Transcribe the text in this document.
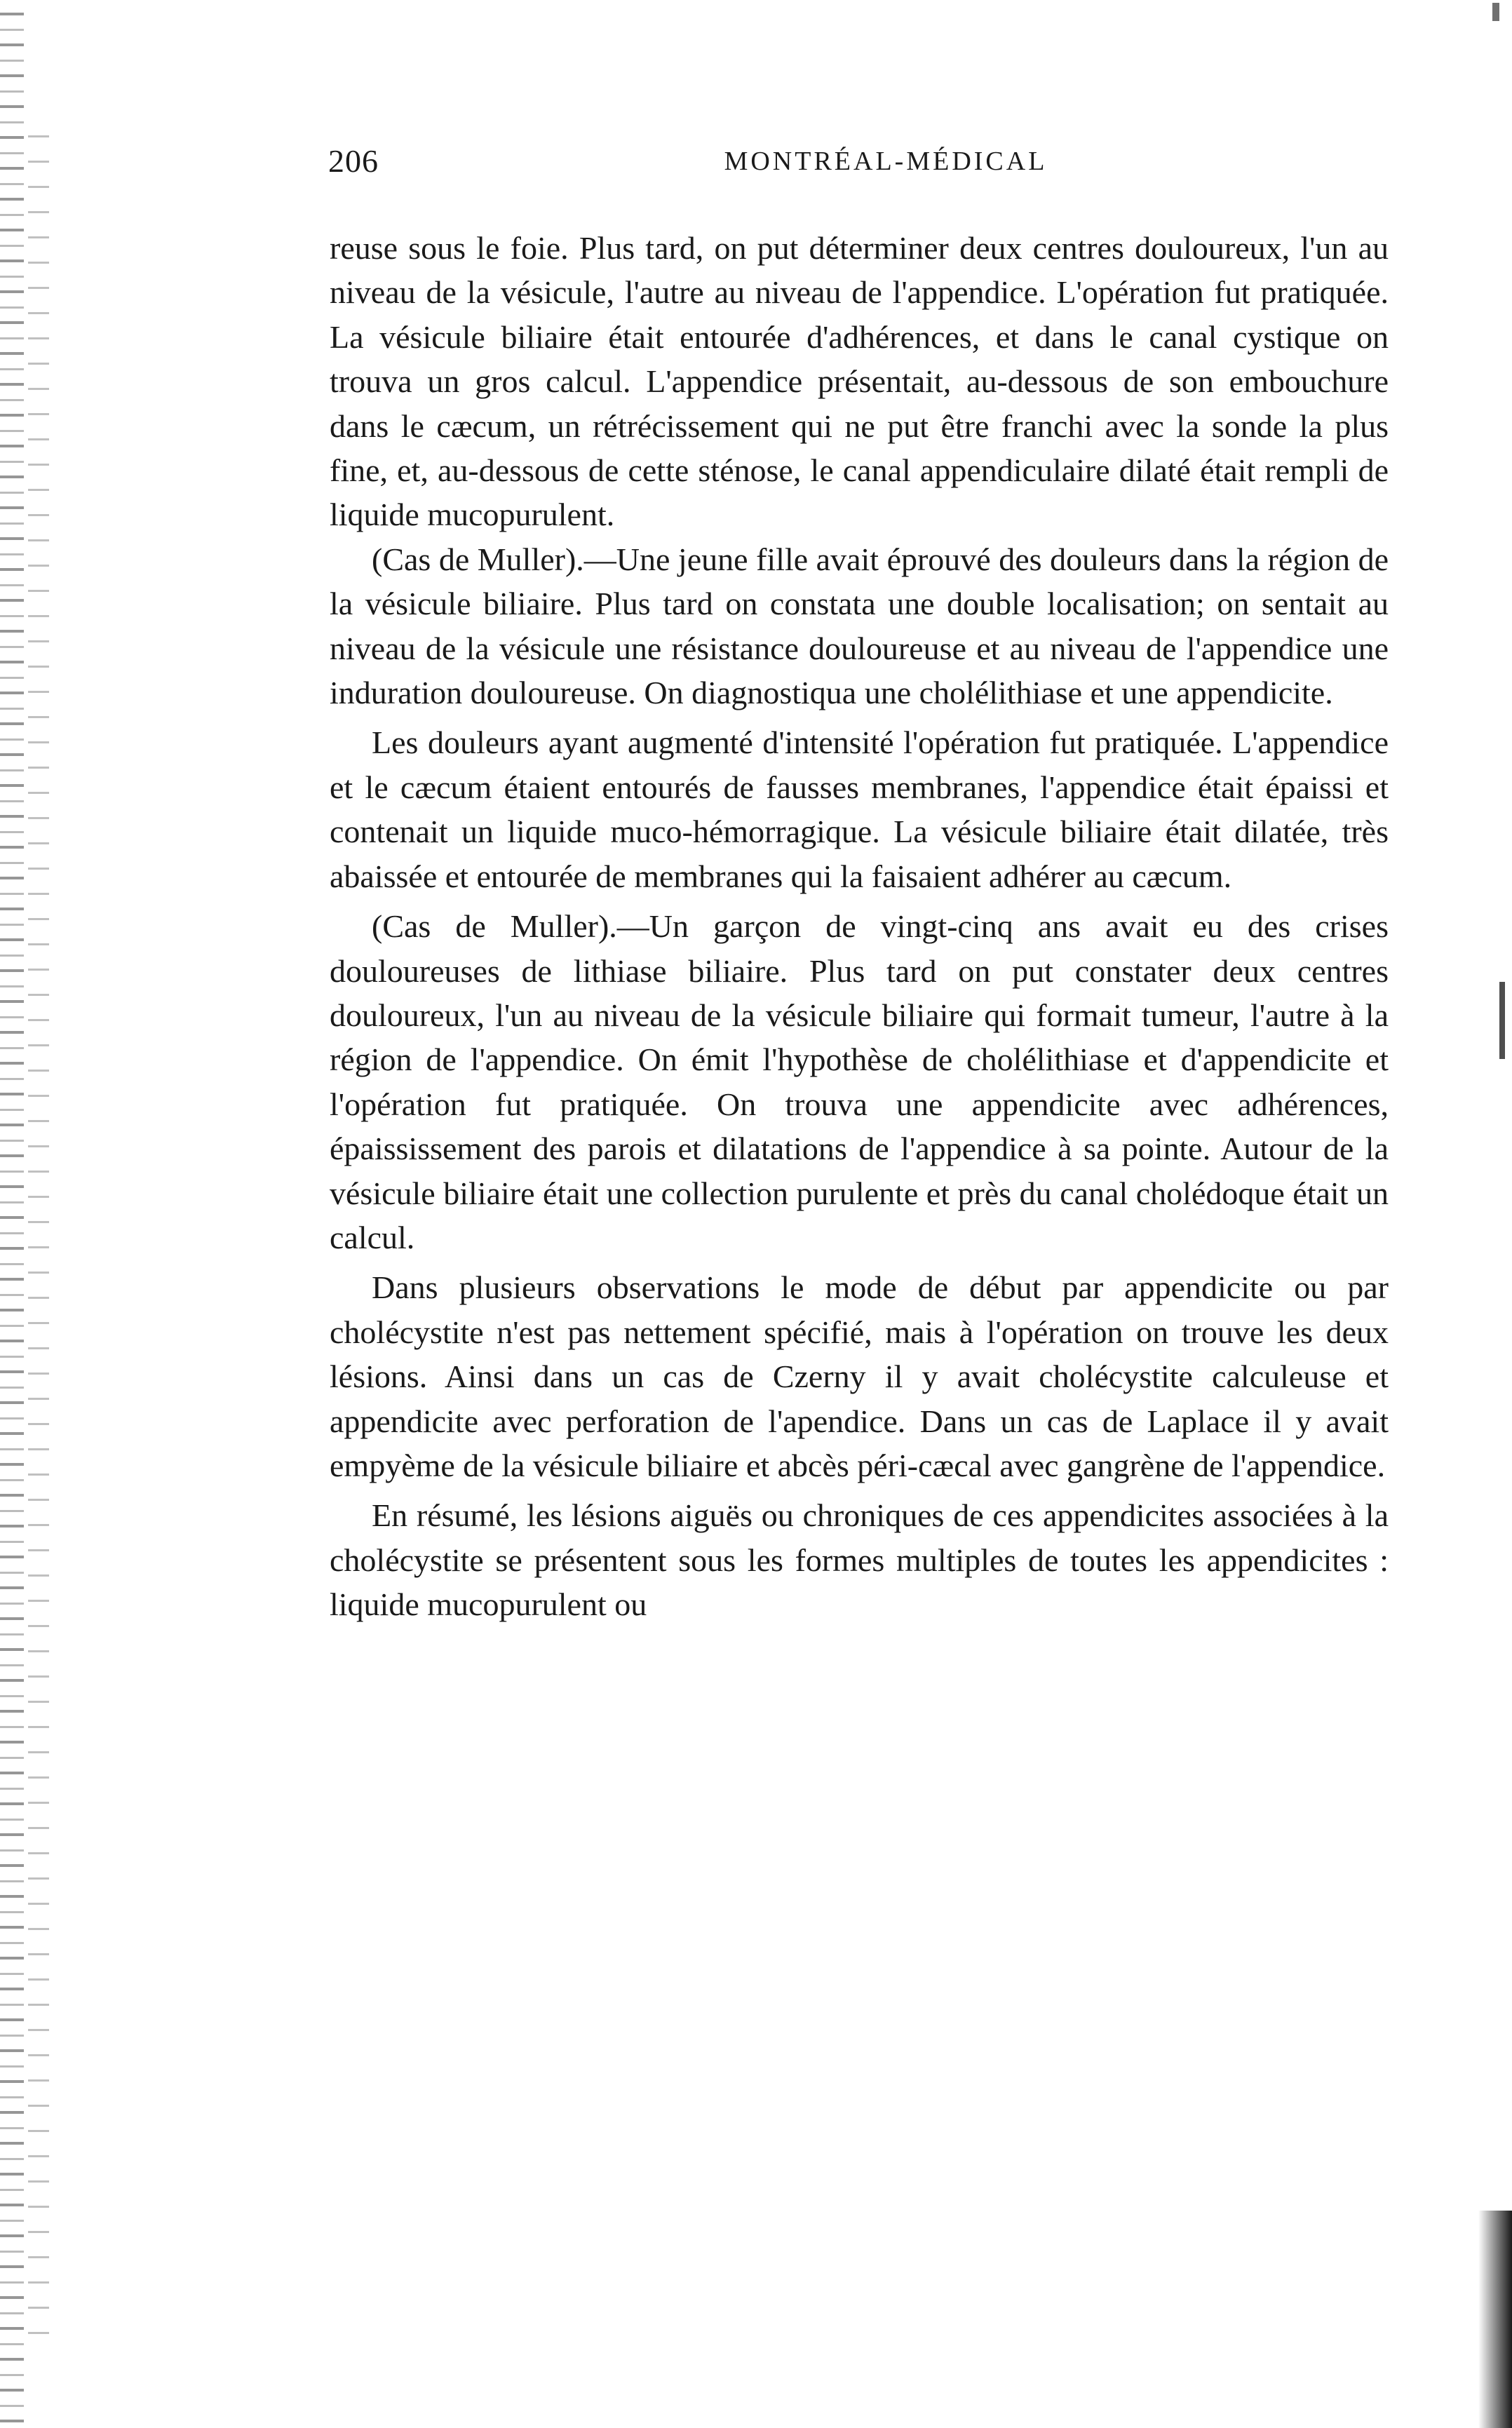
206	MONTRÉAL-MÉDICAL

reuse sous le foie. Plus tard, on put déterminer deux centres douloureux, l'un au niveau de la vésicule, l'autre au niveau de l'appendice. L'opération fut pratiquée. La vésicule biliaire était entourée d'adhérences, et dans le canal cystique on trouva un gros calcul. L'appendice présentait, au-dessous de son embouchure dans le cæcum, un rétrécissement qui ne put être franchi avec la sonde la plus fine, et, au-dessous de cette sténose, le canal appendiculaire dilaté était rempli de liquide mucopurulent.

(Cas de Muller).—Une jeune fille avait éprouvé des douleurs dans la région de la vésicule biliaire. Plus tard on constata une double localisation; on sentait au niveau de la vésicule une résistance douloureuse et au niveau de l'appendice une induration douloureuse. On diagnostiqua une cholélithiase et une appendicite.

Les douleurs ayant augmenté d'intensité l'opération fut pratiquée. L'appendice et le cæcum étaient entourés de fausses membranes, l'appendice était épaissi et contenait un liquide muco-hémorragique. La vésicule biliaire était dilatée, très abaissée et entourée de membranes qui la faisaient adhérer au cæcum.

(Cas de Muller).—Un garçon de vingt-cinq ans avait eu des crises douloureuses de lithiase biliaire. Plus tard on put constater deux centres douloureux, l'un au niveau de la vésicule biliaire qui formait tumeur, l'autre à la région de l'appendice. On émit l'hypothèse de cholélithiase et d'appendicite et l'opération fut pratiquée. On trouva une appendicite avec adhérences, épaississement des parois et dilatations de l'appendice à sa pointe. Autour de la vésicule biliaire était une collection purulente et près du canal cholédoque était un calcul.

Dans plusieurs observations le mode de début par appendicite ou par cholécystite n'est pas nettement spécifié, mais à l'opération on trouve les deux lésions. Ainsi dans un cas de Czerny il y avait cholécystite calculeuse et appendicite avec perforation de l'apendice. Dans un cas de Laplace il y avait empyème de la vésicule biliaire et abcès péri-cæcal avec gangrène de l'appendice.

En résumé, les lésions aiguës ou chroniques de ces appendicites associées à la cholécystite se présentent sous les formes multiples de toutes les appendicites : liquide mucopurulent ou
